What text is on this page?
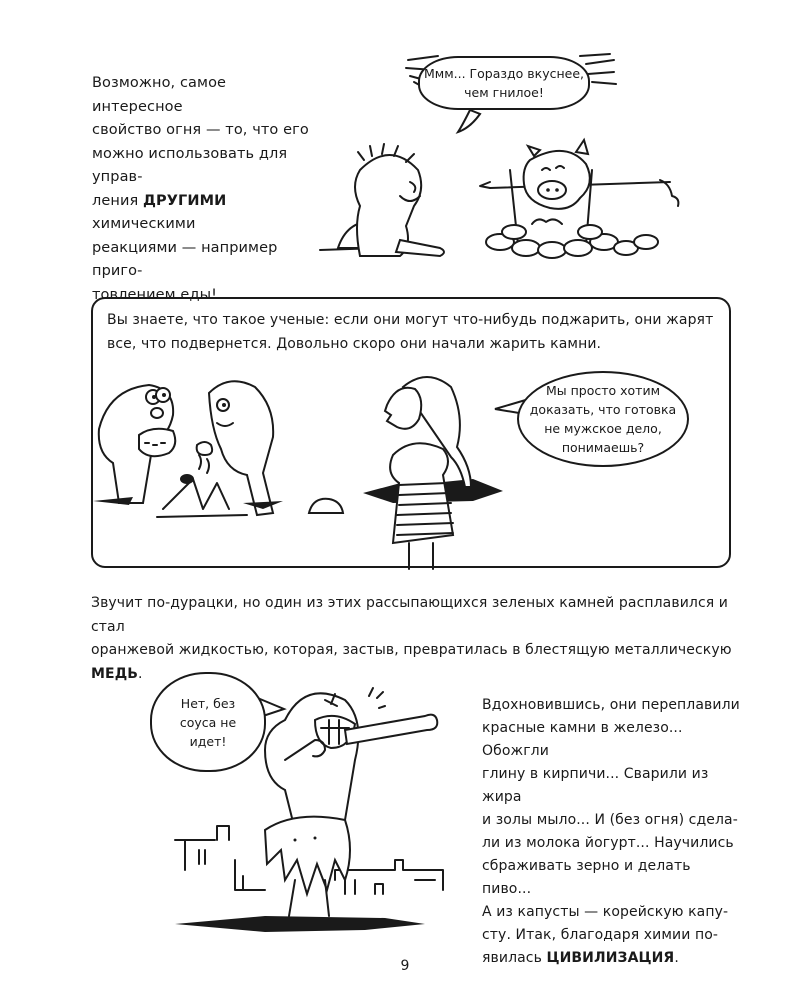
Возможно, самое интересное
свойство огня — то, что его
можно использовать для управ-
ления ДРУГИМИ химическими
реакциями — например приго-
товлением еды!
Ммм... Гораздо вкуснее,
чем гнилое!
Вы знаете, что такое ученые: если они могут что-нибудь поджарить, они жарят
все, что подвернется. Довольно скоро они начали жарить камни.
Мы просто хотим
доказать, что готовка
не мужское дело,
понимаешь?
Звучит по-дурацки, но один из этих рассыпающихся зеленых камней расплавился и стал
оранжевой жидкостью, которая, застыв, превратилась в блестящую металлическую
МЕДЬ.
Нет, без
соуса не
идет!
Вдохновившись, они переплавили
красные камни в железо... Обожгли
глину в кирпичи... Сварили из жира
и золы мыло... И (без огня) сдела-
ли из молока йогурт... Научились
сбраживать зерно и делать пиво...
А из капусты — корейскую капу-
сту. Итак, благодаря химии по-
явилась ЦИВИЛИЗАЦИЯ.
9
